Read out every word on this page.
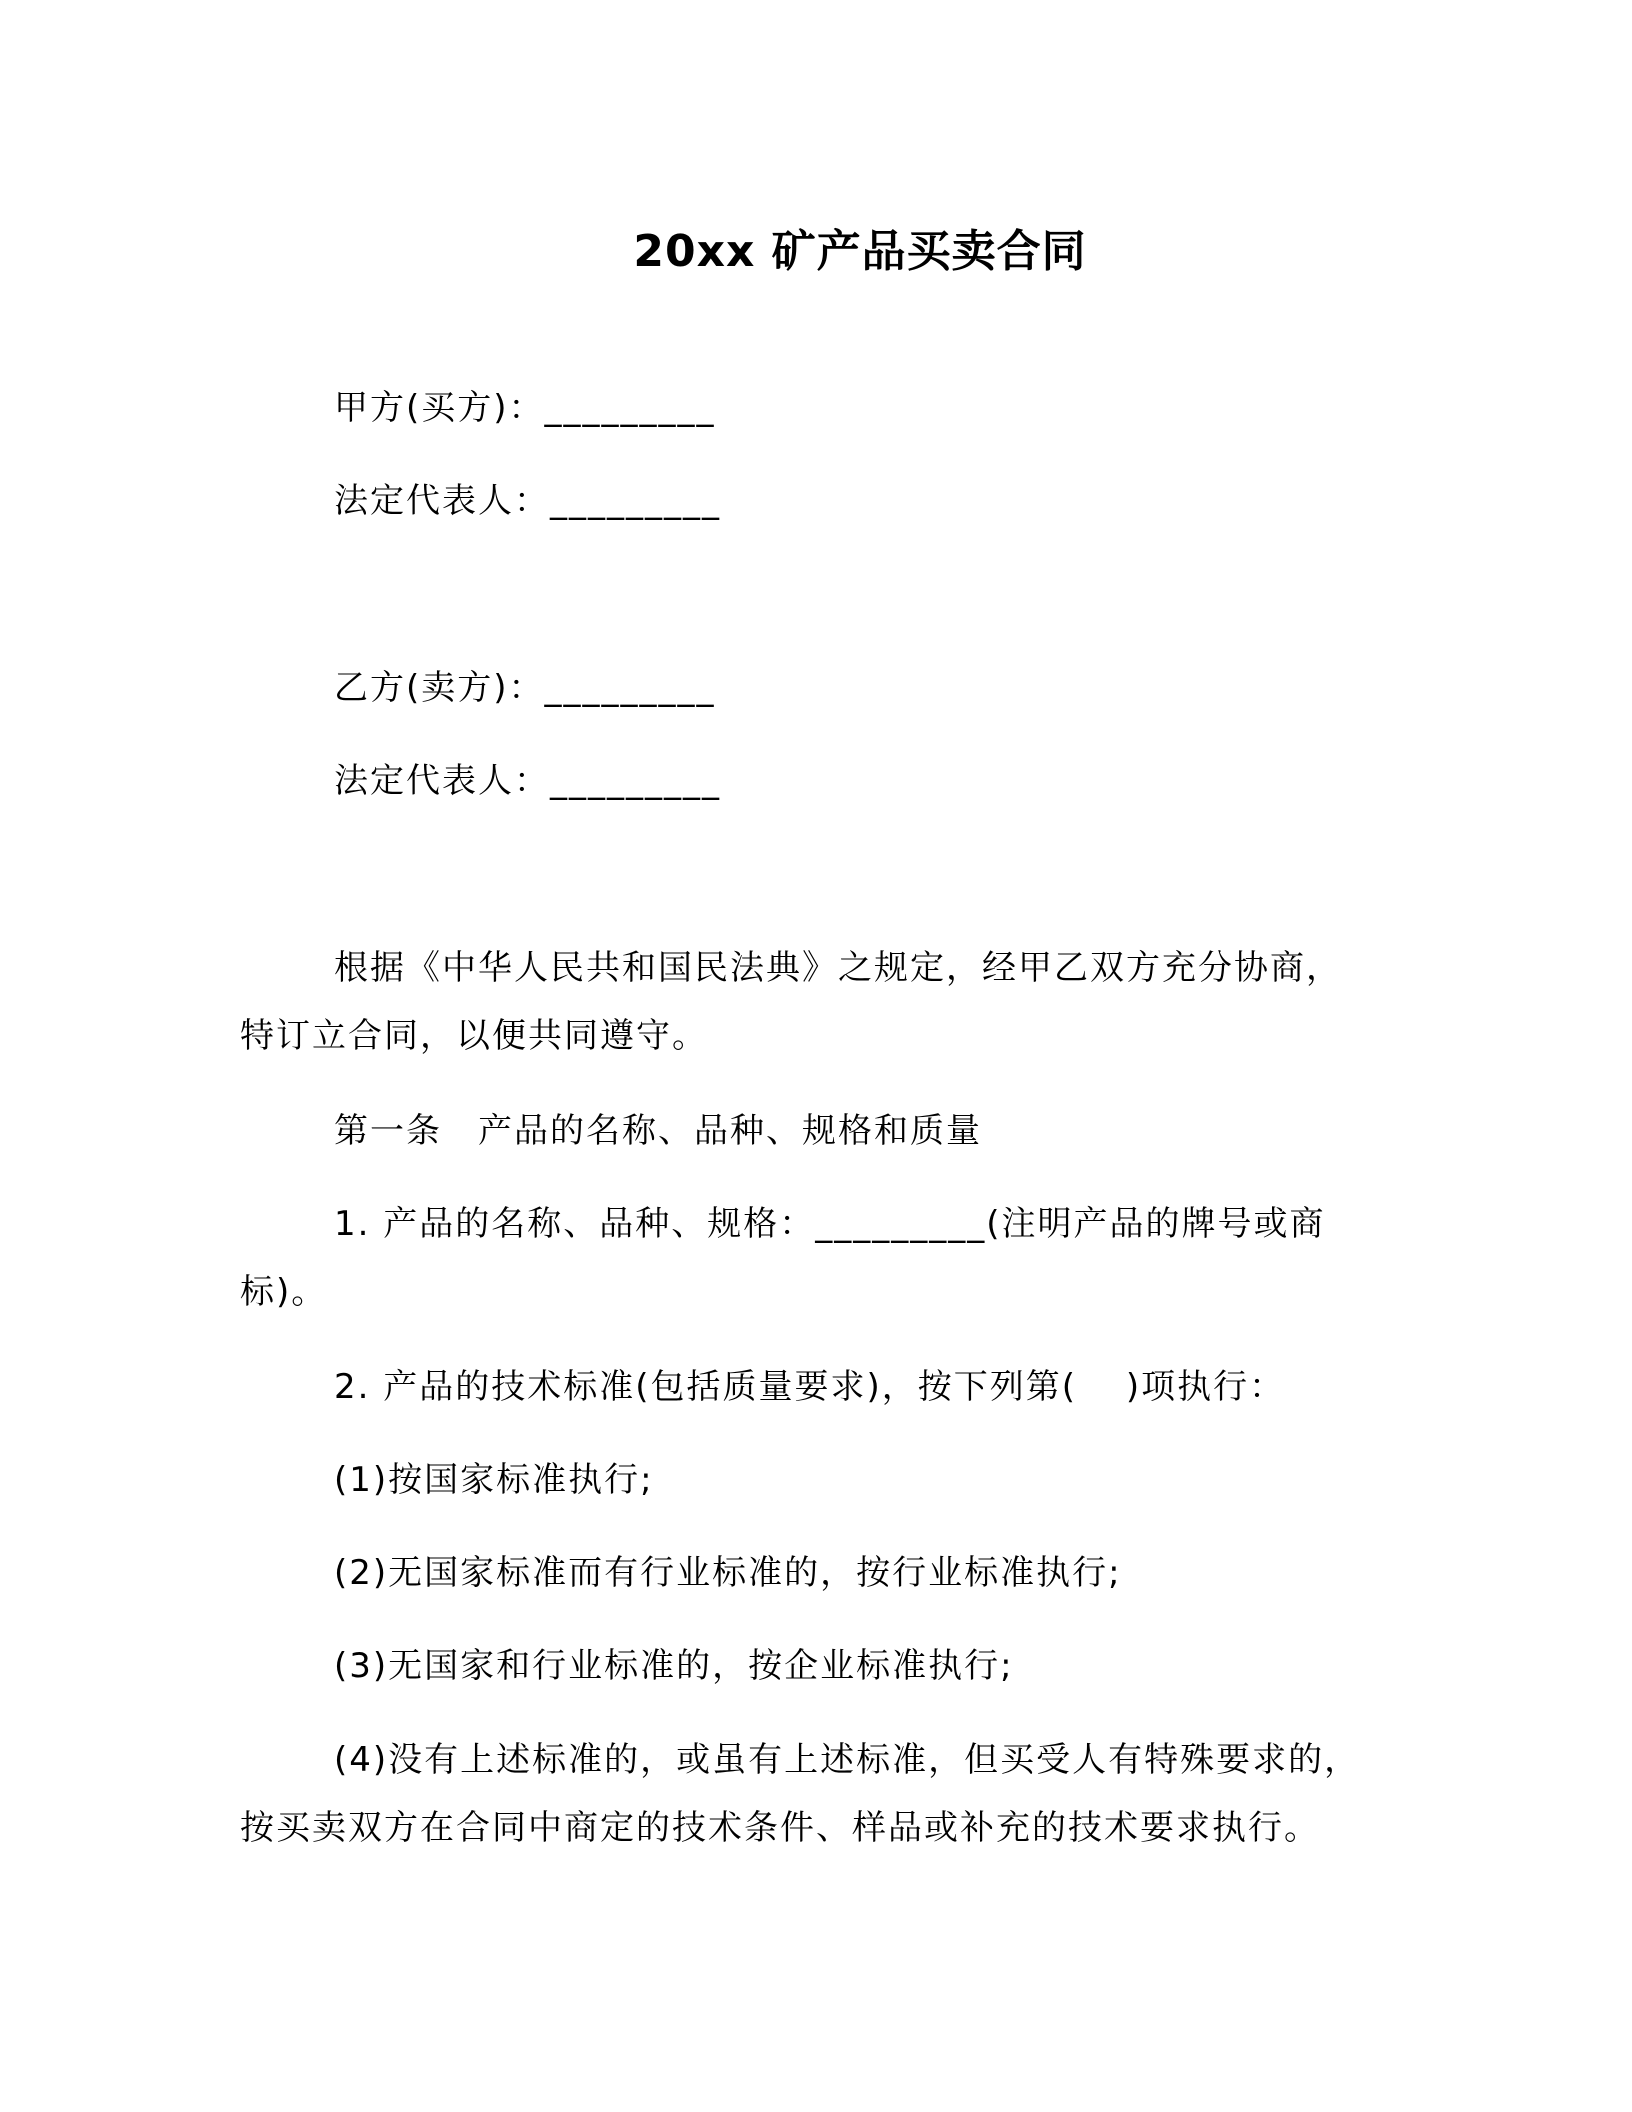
20xx 矿产品买卖合同
甲方(买方)：_________
法定代表人：_________
乙方(卖方)：_________
法定代表人：_________
根据《中华人民共和国民法典》之规定，经甲乙双方充分协商，
特订立合同，以便共同遵守。
第一条　产品的名称、品种、规格和质量
1. 产品的名称、品种、规格：_________(注明产品的牌号或商
标)。
2. 产品的技术标准(包括质量要求)，按下列第(　 )项执行：
(1)按国家标准执行;
(2)无国家标准而有行业标准的，按行业标准执行;
(3)无国家和行业标准的，按企业标准执行;
(4)没有上述标准的，或虽有上述标准，但买受人有特殊要求的，
按买卖双方在合同中商定的技术条件、样品或补充的技术要求执行。
